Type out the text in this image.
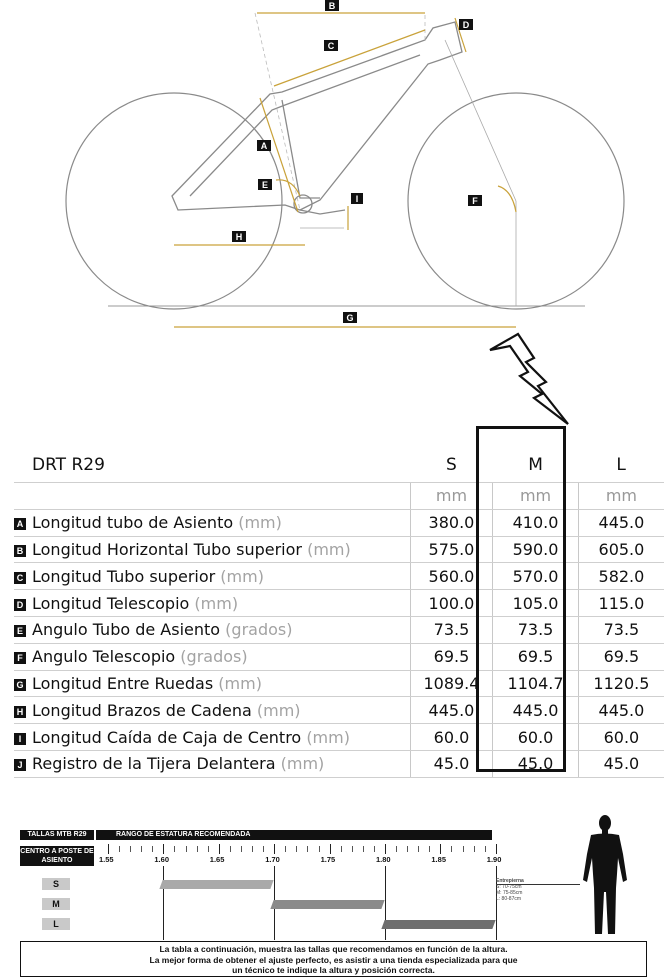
B
C
D
A
E
F
I
H
G
DRT R29	S	M	L
	mm	mm	mm
A Longitud tubo de Asiento (mm)	380.0	410.0	445.0
B Longitud Horizontal Tubo superior (mm)	575.0	590.0	605.0
C Longitud Tubo superior (mm)	560.0	570.0	582.0
D Longitud Telescopio (mm)	100.0	105.0	115.0
E Angulo Tubo de Asiento (grados)	73.5	73.5	73.5
F Angulo Telescopio (grados)	69.5	69.5	69.5
G Longitud Entre Ruedas (mm)	1089.4	1104.7	1120.5
H Longitud Brazos de Cadena (mm)	445.0	445.0	445.0
I Longitud Caída de Caja de Centro (mm)	60.0	60.0	60.0
J Registro de la Tijera Delantera (mm)	45.0	45.0	45.0
TALLAS MTB R29	RANGO DE ESTATURA RECOMENDADA
CENTRO A POSTE DE ASIENTO	1.55	1.60	1.65	1.70	1.75	1.80	1.85	1.90
S
M
L
Entrepierna
S: 70-75cm
M: 75-85cm
L: 80-87cm
La tabla a continuación, muestra las tallas que recomendamos en función de la altura.
La mejor forma de obtener el ajuste perfecto, es asistir a una tienda especializada para que
un técnico te indique la altura y posición correcta.
